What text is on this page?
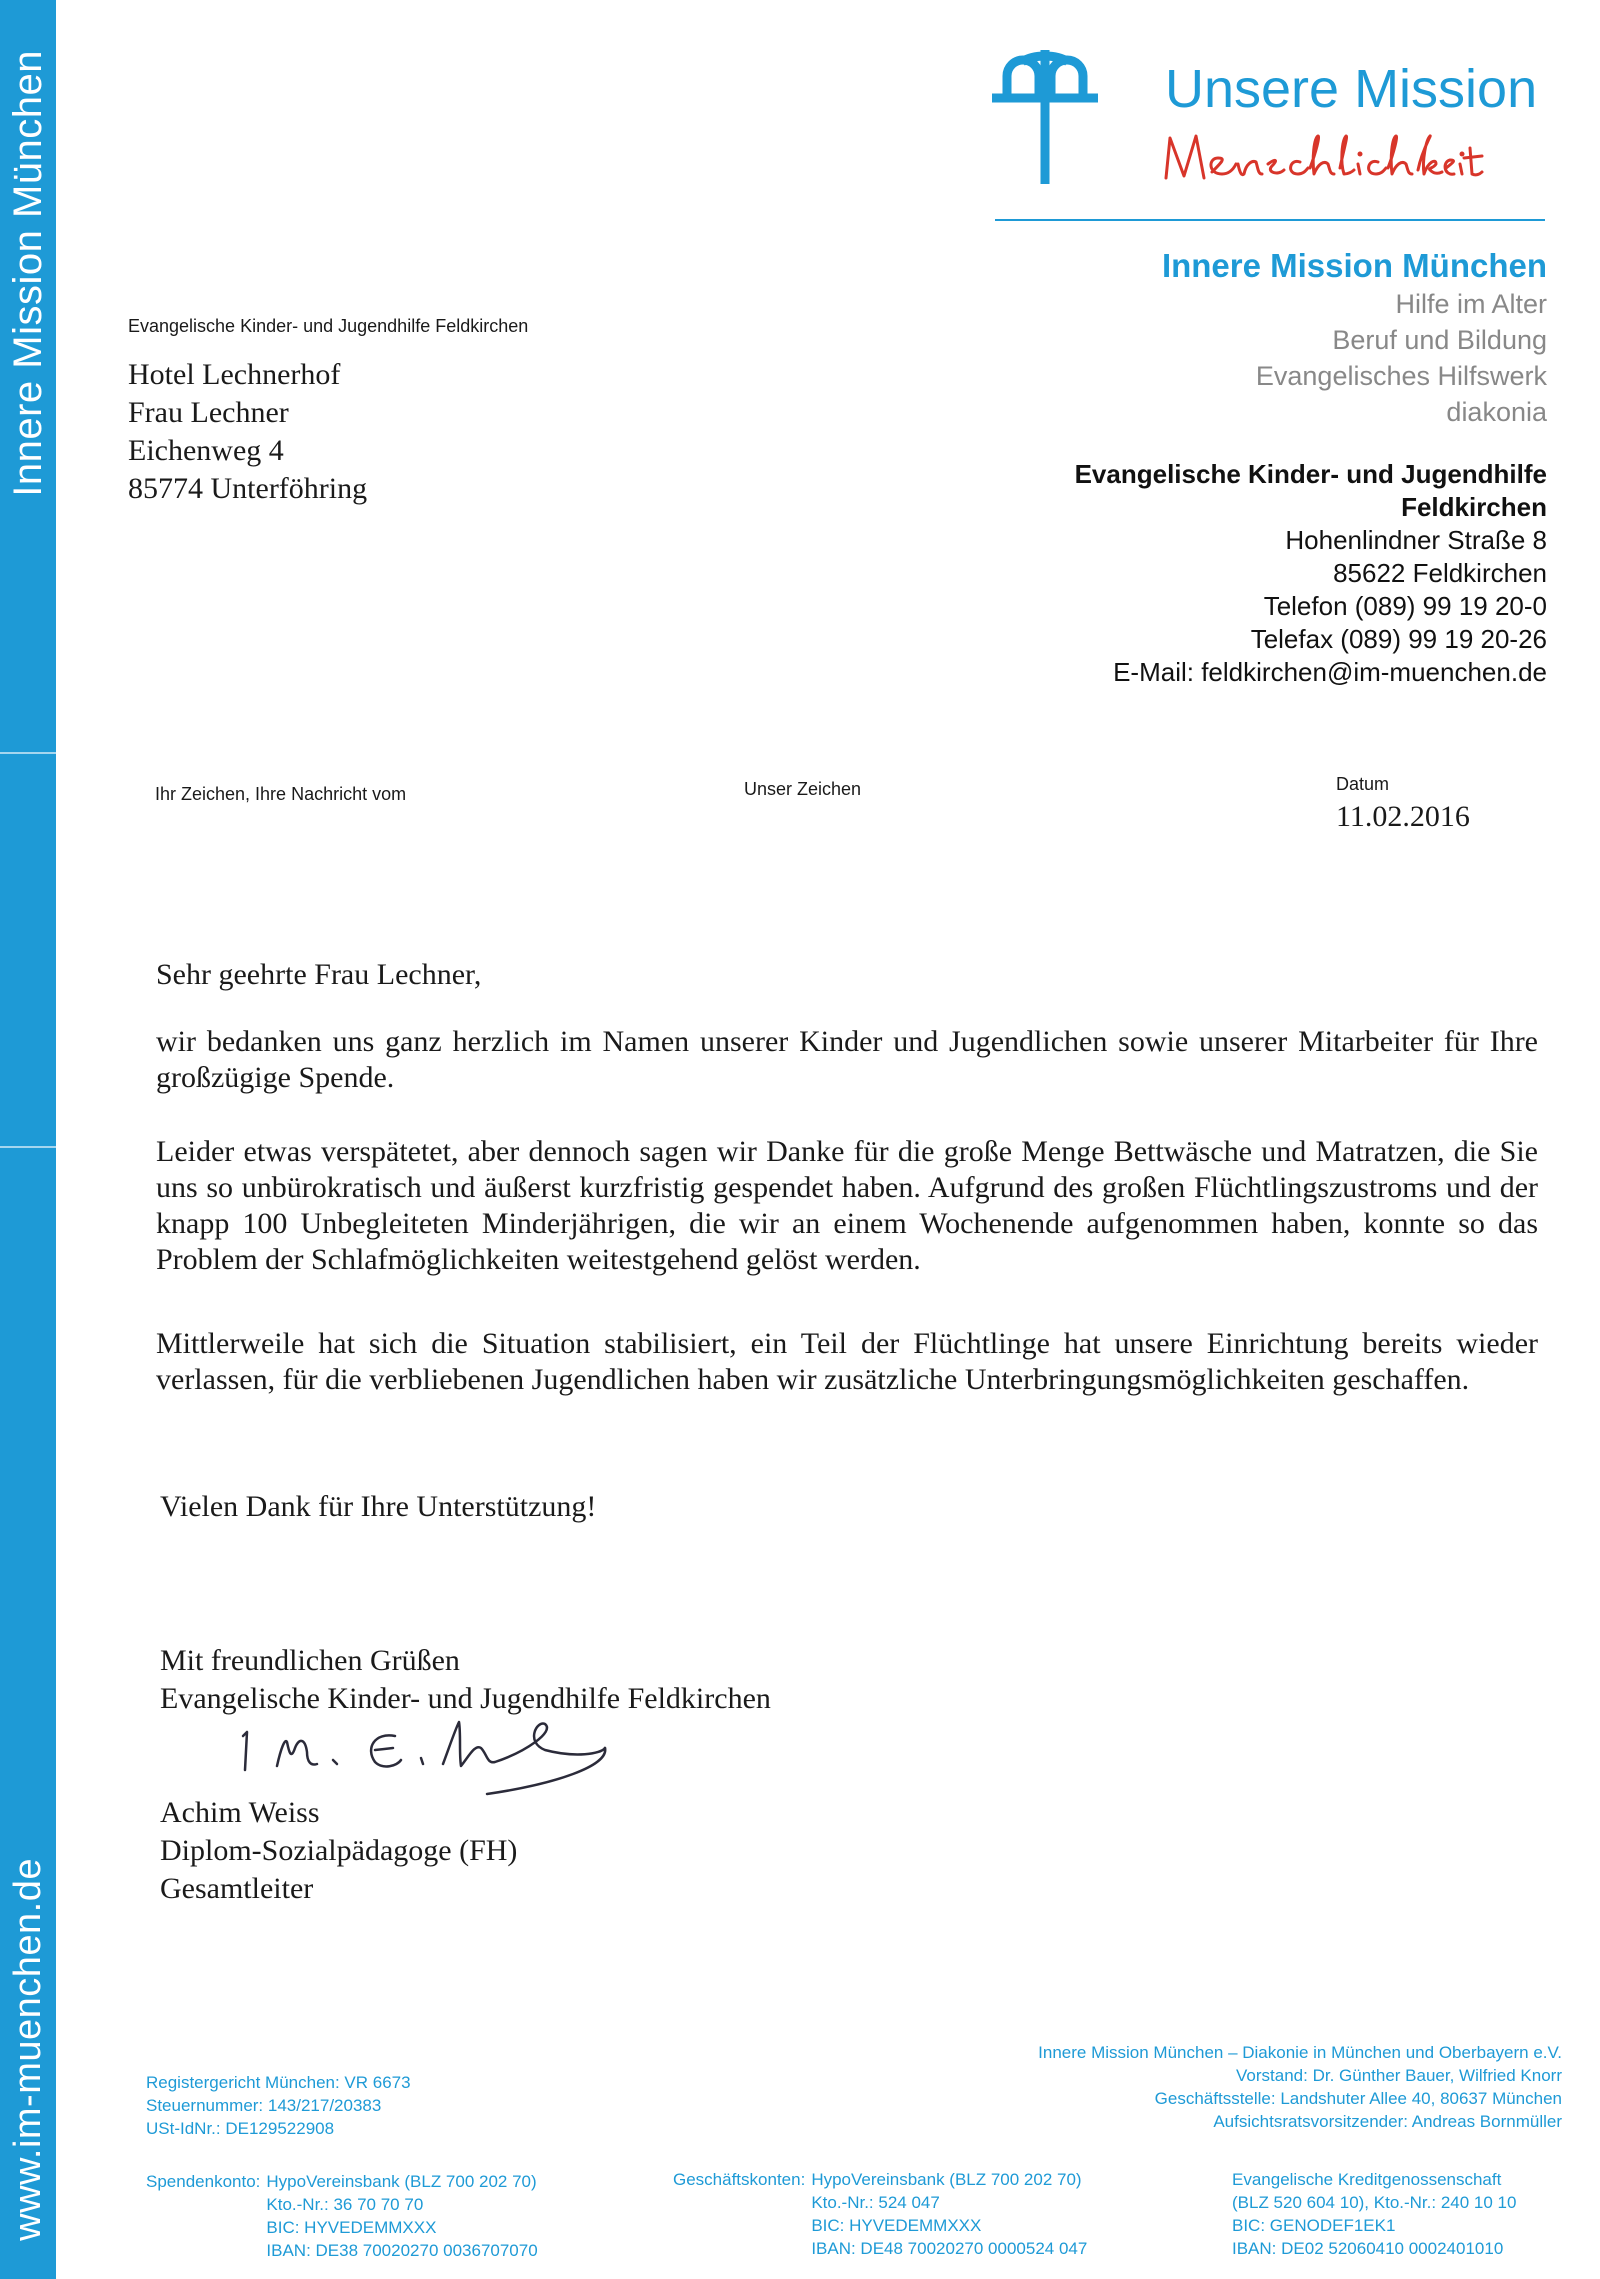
Innere Mission München
www.im-muenchen.de
Unsere Mission
Innere Mission München
Hilfe im Alter
Beruf und Bildung
Evangelisches Hilfswerk
diakonia
Evangelische Kinder- und Jugendhilfe
Feldkirchen
Hohenlindner Straße 8
85622 Feldkirchen
Telefon (089) 99 19 20-0
Telefax (089) 99 19 20-26
E-Mail: feldkirchen@im-muenchen.de
Evangelische Kinder- und Jugendhilfe Feldkirchen
Hotel Lechnerhof
Frau Lechner
Eichenweg 4
85774 Unterföhring
Ihr Zeichen, Ihre Nachricht vom	Unser Zeichen	Datum
11.02.2016
Sehr geehrte Frau Lechner,
wir bedanken uns ganz herzlich im Namen unserer Kinder und Jugendlichen sowie unserer Mitarbeiter für Ihre großzügige Spende.
Leider etwas verspätetet, aber dennoch sagen wir Danke für die große Menge Bettwäsche und Matratzen, die Sie uns so unbürokratisch und äußerst kurzfristig gespendet haben. Aufgrund des großen Flüchtlingszustroms und der knapp 100 Unbegleiteten Minderjährigen, die wir an einem Wochenende aufgenommen haben, konnte so das Problem der Schlafmöglichkeiten weitestgehend gelöst werden.
Mittlerweile hat sich die Situation stabilisiert, ein Teil der Flüchtlinge hat unsere Einrichtung bereits wieder verlassen, für die verbliebenen Jugendlichen haben wir zusätzliche Unterbringungsmöglichkeiten geschaffen.
Vielen Dank für Ihre Unterstützung!
Mit freundlichen Grüßen
Evangelische Kinder- und Jugendhilfe Feldkirchen
Achim Weiss
Diplom-Sozialpädagoge (FH)
Gesamtleiter
Registergericht München: VR 6673
Steuernummer: 143/217/20383
USt-IdNr.: DE129522908
Innere Mission München – Diakonie in München und Oberbayern e.V.
Vorstand: Dr. Günther Bauer, Wilfried Knorr
Geschäftsstelle: Landshuter Allee 40, 80637 München
Aufsichtsratsvorsitzender: Andreas Bornmüller
Spendenkonto: HypoVereinsbank (BLZ 700 202 70)
Kto.-Nr.: 36 70 70 70
BIC: HYVEDEMMXXX
IBAN: DE38 70020270 0036707070
Geschäftskonten: HypoVereinsbank (BLZ 700 202 70)
Kto.-Nr.: 524 047
BIC: HYVEDEMMXXX
IBAN: DE48 70020270 0000524 047
Evangelische Kreditgenossenschaft
(BLZ 520 604 10), Kto.-Nr.: 240 10 10
BIC: GENODEF1EK1
IBAN: DE02 52060410 0002401010
